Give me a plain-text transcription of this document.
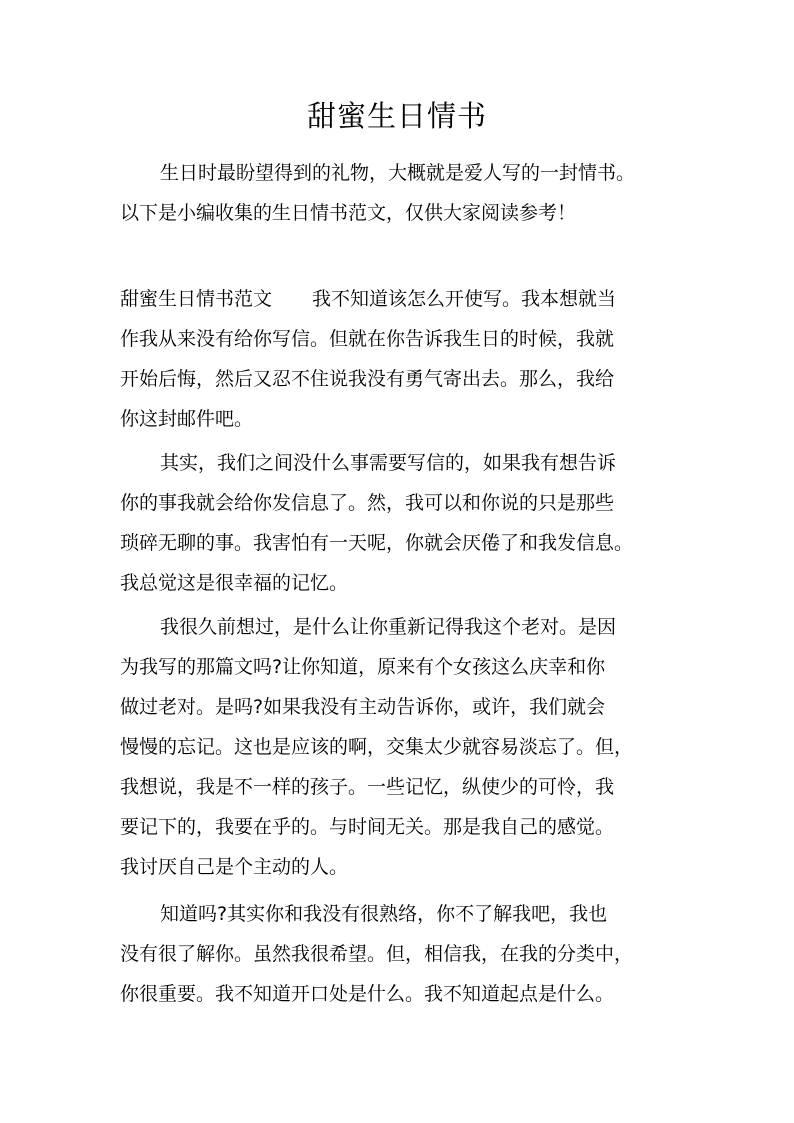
甜蜜生日情书
生日时最盼望得到的礼物，大概就是爱人写的一封情书。
以下是小编收集的生日情书范文，仅供大家阅读参考！
甜蜜生日情书范文 我不知道该怎么开使写。我本想就当
作我从来没有给你写信。但就在你告诉我生日的时候，我就
开始后悔，然后又忍不住说我没有勇气寄出去。那么，我给
你这封邮件吧。
其实，我们之间没什么事需要写信的，如果我有想告诉
你的事我就会给你发信息了。然，我可以和你说的只是那些
琐碎无聊的事。我害怕有一天呢，你就会厌倦了和我发信息。
我总觉这是很幸福的记忆。
我很久前想过，是什么让你重新记得我这个老对。是因
为我写的那篇文吗?让你知道，原来有个女孩这么庆幸和你
做过老对。是吗?如果我没有主动告诉你，或许，我们就会
慢慢的忘记。这也是应该的啊，交集太少就容易淡忘了。但，
我想说，我是不一样的孩子。一些记忆，纵使少的可怜，我
要记下的，我要在乎的。与时间无关。那是我自己的感觉。
我讨厌自己是个主动的人。
知道吗?其实你和我没有很熟络，你不了解我吧，我也
没有很了解你。虽然我很希望。但，相信我，在我的分类中，
你很重要。我不知道开口处是什么。我不知道起点是什么。
